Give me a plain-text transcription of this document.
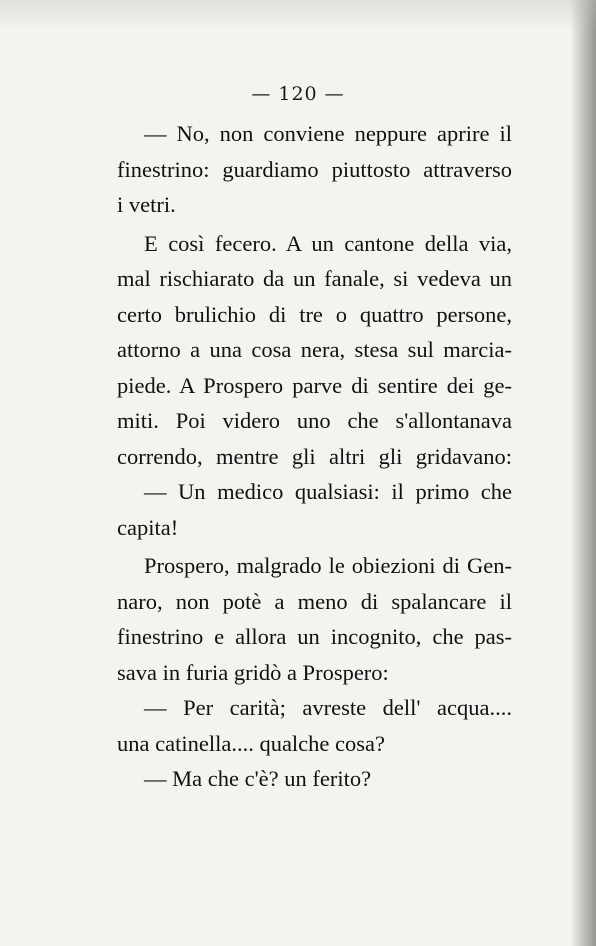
— 120 —
— No, non conviene neppure aprire il
finestrino: guardiamo piuttosto attraverso
i vetri.
E così fecero. A un cantone della via,
mal rischiarato da un fanale, si vedeva un
certo brulichio di tre o quattro persone,
attorno a una cosa nera, stesa sul marcia-
piede. A Prospero parve di sentire dei ge-
miti. Poi videro uno che s'allontanava
correndo, mentre gli altri gli gridavano:
— Un medico qualsiasi: il primo che
capita!
Prospero, malgrado le obiezioni di Gen-
naro, non potè a meno di spalancare il
finestrino e allora un incognito, che pas-
sava in furia gridò a Prospero:
— Per carità; avreste dell' acqua....
una catinella.... qualche cosa?
— Ma che c'è? un ferito?
